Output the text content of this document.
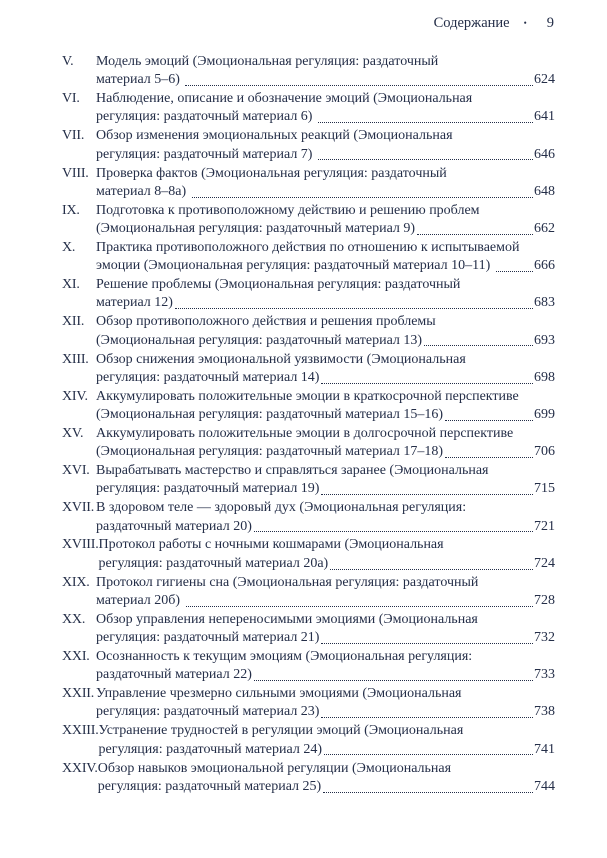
Содержание • 9
V.	Модель эмоций (Эмоциональная регуляция: раздаточный
материал 5–6)	624
VI.	Наблюдение, описание и обозначение эмоций (Эмоциональная
регуляция: раздаточный материал 6)	641
VII. Обзор изменения эмоциональных реакций (Эмоциональная
регуляция: раздаточный материал 7)	646
VIII. Проверка фактов (Эмоциональная регуляция: раздаточный
материал 8–8а)	648
IX.	Подготовка к противоположному действию и решению проблем
(Эмоциональная регуляция: раздаточный материал 9)	662
X.	Практика противоположного действия по отношению к испытываемой
эмоции (Эмоциональная регуляция: раздаточный материал 10–11)	666
XI.	Решение проблемы (Эмоциональная регуляция: раздаточный
материал 12)	683
XII. Обзор противоположного действия и решения проблемы
(Эмоциональная регуляция: раздаточный материал 13)	693
XIII. Обзор снижения эмоциональной уязвимости (Эмоциональная
регуляция: раздаточный материал 14)	698
XIV. Аккумулировать положительные эмоции в краткосрочной перспективе
(Эмоциональная регуляция: раздаточный материал 15–16)	699
XV. Аккумулировать положительные эмоции в долгосрочной перспективе
(Эмоциональная регуляция: раздаточный материал 17–18)	706
XVI. Вырабатывать мастерство и справляться заранее (Эмоциональная
регуляция: раздаточный материал 19)	715
XVII. В здоровом теле — здоровый дух (Эмоциональная регуляция:
раздаточный материал 20)	721
XVIII. Протокол работы с ночными кошмарами (Эмоциональная
регуляция: раздаточный материал 20а)	724
XIX. Протокол гигиены сна (Эмоциональная регуляция: раздаточный
материал 20б)	728
XX. Обзор управления непереносимыми эмоциями (Эмоциональная
регуляция: раздаточный материал 21)	732
XXI. Осознанность к текущим эмоциям (Эмоциональная регуляция:
раздаточный материал 22)	733
XXII. Управление чрезмерно сильными эмоциями (Эмоциональная
регуляция: раздаточный материал 23)	738
XXIII. Устранение трудностей в регуляции эмоций (Эмоциональная
регуляция: раздаточный материал 24)	741
XXIV. Обзор навыков эмоциональной регуляции (Эмоциональная
регуляция: раздаточный материал 25)	744
